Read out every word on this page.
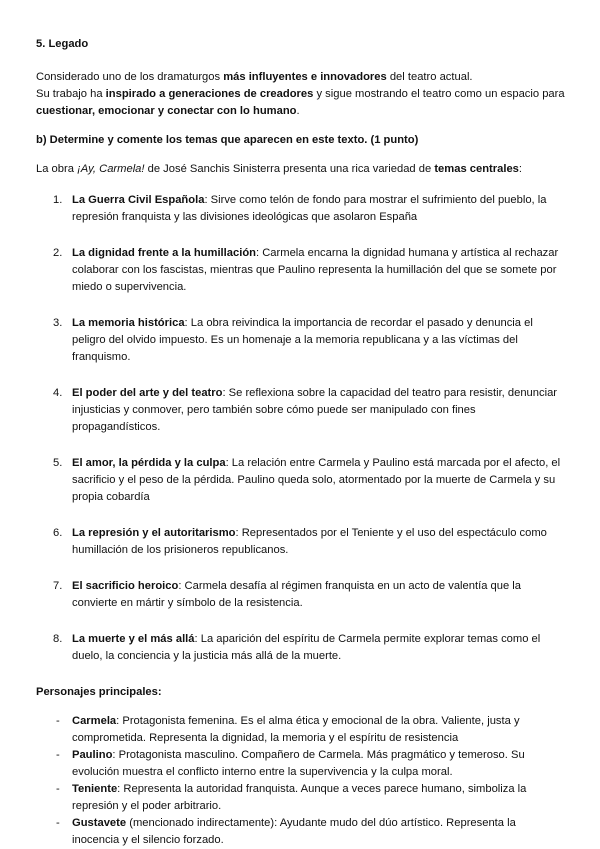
5. Legado

Considerado uno de los dramaturgos más influyentes e innovadores del teatro actual.
Su trabajo ha inspirado a generaciones de creadores y sigue mostrando el teatro como un espacio para cuestionar, emocionar y conectar con lo humano.

b) Determine y comente los temas que aparecen en este texto. (1 punto)

La obra ¡Ay, Carmela! de José Sanchis Sinisterra presenta una rica variedad de temas centrales:

1. La Guerra Civil Española: Sirve como telón de fondo para mostrar el sufrimiento del pueblo, la represión franquista y las divisiones ideológicas que asolaron España
2. La dignidad frente a la humillación: Carmela encarna la dignidad humana y artística al rechazar colaborar con los fascistas, mientras que Paulino representa la humillación del que se somete por miedo o supervivencia.
3. La memoria histórica: La obra reivindica la importancia de recordar el pasado y denuncia el peligro del olvido impuesto. Es un homenaje a la memoria republicana y a las víctimas del franquismo.
4. El poder del arte y del teatro: Se reflexiona sobre la capacidad del teatro para resistir, denunciar injusticias y conmover, pero también sobre cómo puede ser manipulado con fines propagandísticos.
5. El amor, la pérdida y la culpa: La relación entre Carmela y Paulino está marcada por el afecto, el sacrificio y el peso de la pérdida. Paulino queda solo, atormentado por la muerte de Carmela y su propia cobardía
6. La represión y el autoritarismo: Representados por el Teniente y el uso del espectáculo como humillación de los prisioneros republicanos.
7. El sacrificio heroico: Carmela desafía al régimen franquista en un acto de valentía que la convierte en mártir y símbolo de la resistencia.
8. La muerte y el más allá: La aparición del espíritu de Carmela permite explorar temas como el duelo, la conciencia y la justicia más allá de la muerte.

Personajes principales:

- Carmela: Protagonista femenina. Es el alma ética y emocional de la obra. Valiente, justa y comprometida. Representa la dignidad, la memoria y el espíritu de resistencia
- Paulino: Protagonista masculino. Compañero de Carmela. Más pragmático y temeroso. Su evolución muestra el conflicto interno entre la supervivencia y la culpa moral.
- Teniente: Representa la autoridad franquista. Aunque a veces parece humano, simboliza la represión y el poder arbitrario.
- Gustavete (mencionado indirectamente): Ayudante mudo del dúo artístico. Representa la inocencia y el silencio forzado.
